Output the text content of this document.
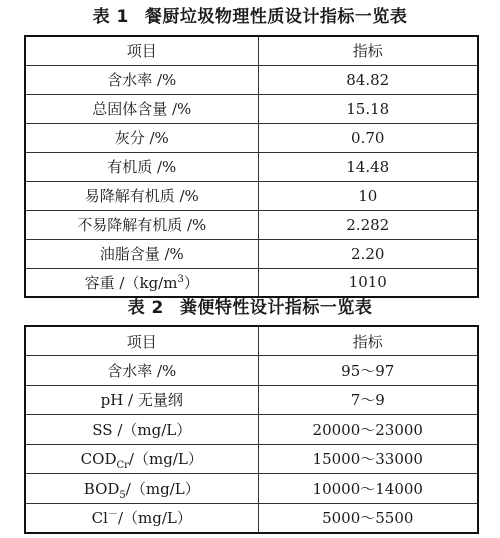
表 1 餐厨垃圾物理性质设计指标一览表
项目	指标
含水率 /%	84.82
总固体含量 /%	15.18
灰分 /%	0.70
有机质 /%	14.48
易降解有机质 /%	10
不易降解有机质 /%	2.282
油脂含量 /%	2.20
容重 $/(kg/m^3)$	1010
表 2 粪便特性设计指标一览表
项目	指标
含水率 /%	95～97
pH / 无量纲	7～9
SS /（mg/L）	20000～23000
$COD_{Cr}/(mg/L)$	15000～33000
$BOD_5/(mg/L)$	10000～14000
Cl－/（mg/L）	5000～5500
